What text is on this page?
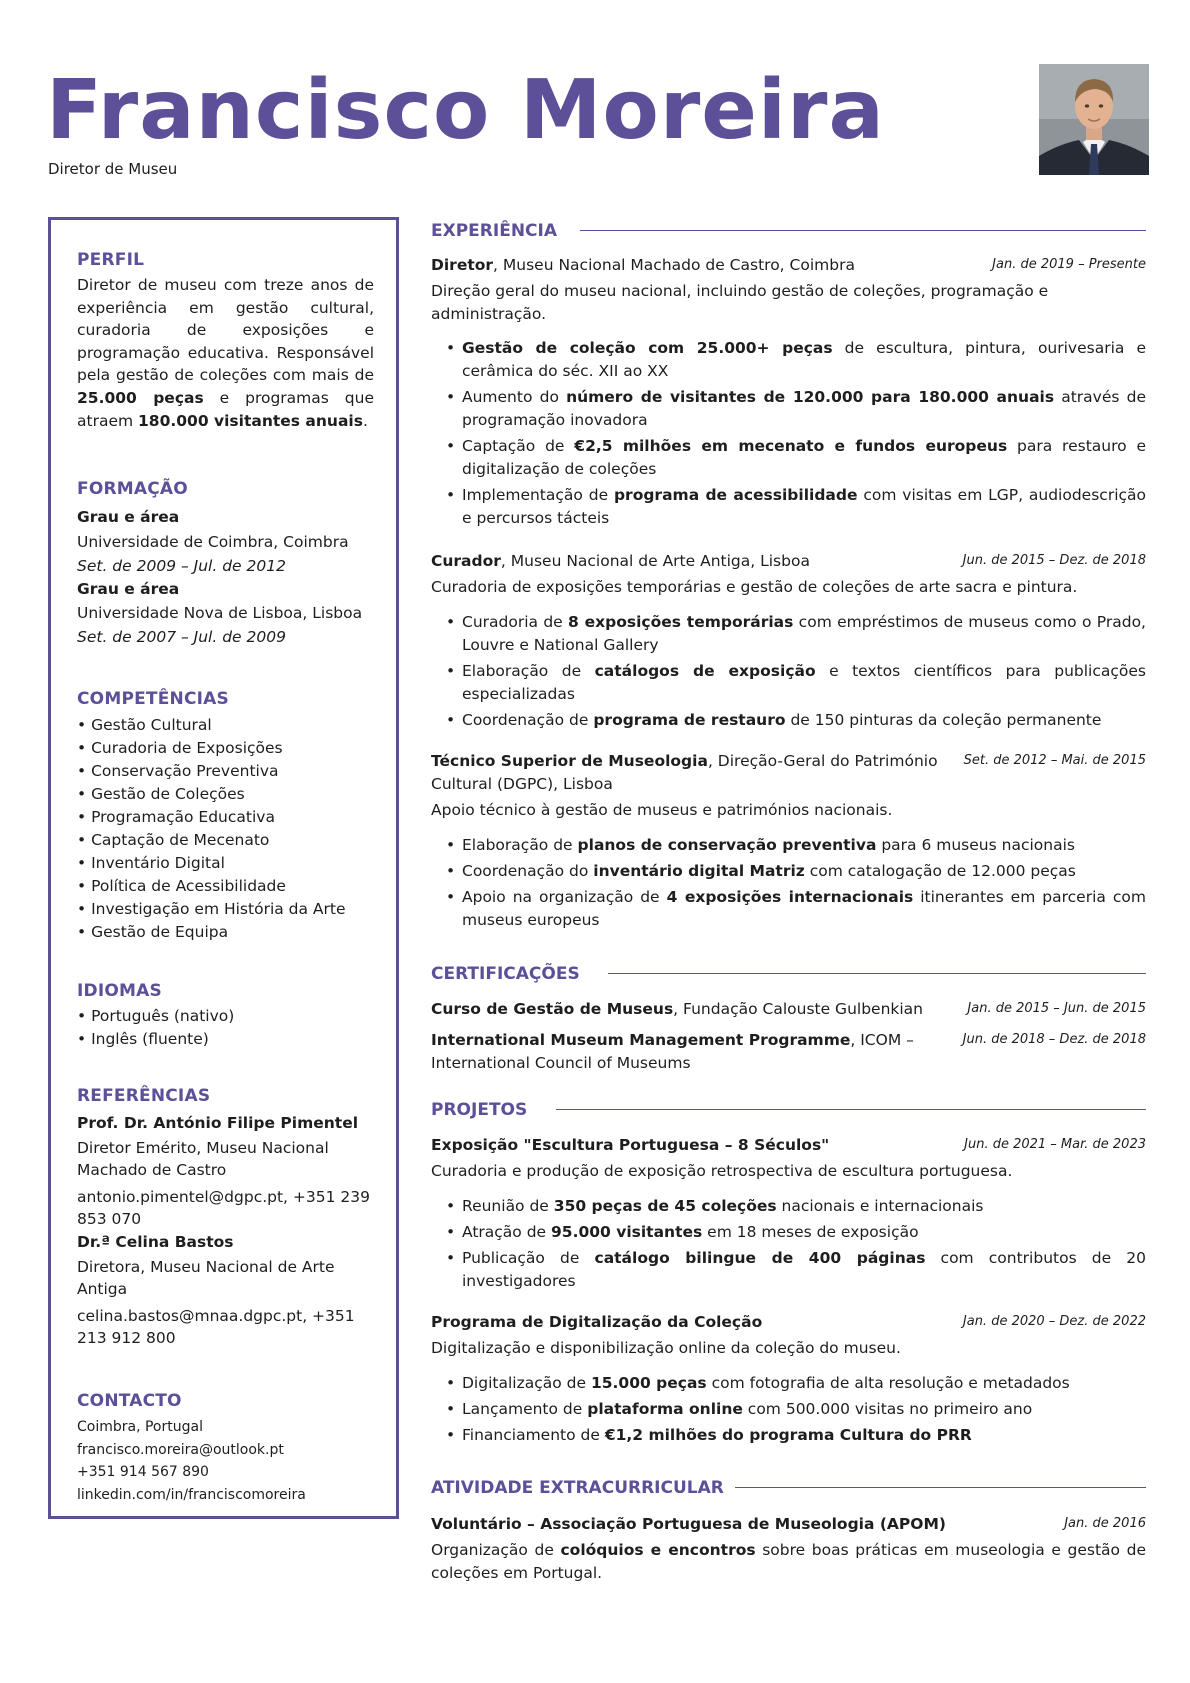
Francisco Moreira
Diretor de Museu
PERFIL
Diretor de museu com treze anos de experiência em gestão cultural, curadoria de exposições e programação educativa. Responsável pela gestão de coleções com mais de 25.000 peças e programas que atraem 180.000 visitantes anuais.
FORMAÇÃO
Grau e área
Universidade de Coimbra, Coimbra
Set. de 2009 – Jul. de 2012
Grau e área
Universidade Nova de Lisboa, Lisboa
Set. de 2007 – Jul. de 2009
COMPETÊNCIAS
• Gestão Cultural
• Curadoria de Exposições
• Conservação Preventiva
• Gestão de Coleções
• Programação Educativa
• Captação de Mecenato
• Inventário Digital
• Política de Acessibilidade
• Investigação em História da Arte
• Gestão de Equipa
IDIOMAS
• Português (nativo)
• Inglês (fluente)
REFERÊNCIAS
Prof. Dr. António Filipe Pimentel
Diretor Emérito, Museu Nacional Machado de Castro
antonio.pimentel@dgpc.pt, +351 239 853 070
Dr.ª Celina Bastos
Diretora, Museu Nacional de Arte Antiga
celina.bastos@mnaa.dgpc.pt, +351 213 912 800
CONTACTO
Coimbra, Portugal
francisco.moreira@outlook.pt
+351 914 567 890
linkedin.com/in/franciscomoreira
EXPERIÊNCIA
Diretor, Museu Nacional Machado de Castro, Coimbra	Jan. de 2019 – Presente
Direção geral do museu nacional, incluindo gestão de coleções, programação e administração.
• Gestão de coleção com 25.000+ peças de escultura, pintura, ourivesaria e cerâmica do séc. XII ao XX
• Aumento do número de visitantes de 120.000 para 180.000 anuais através de programação inovadora
• Captação de €2,5 milhões em mecenato e fundos europeus para restauro e digitalização de coleções
• Implementação de programa de acessibilidade com visitas em LGP, audiodescrição e percursos tácteis
Curador, Museu Nacional de Arte Antiga, Lisboa	Jun. de 2015 – Dez. de 2018
Curadoria de exposições temporárias e gestão de coleções de arte sacra e pintura.
• Curadoria de 8 exposições temporárias com empréstimos de museus como o Prado, Louvre e National Gallery
• Elaboração de catálogos de exposição e textos científicos para publicações especializadas
• Coordenação de programa de restauro de 150 pinturas da coleção permanente
Técnico Superior de Museologia, Direção-Geral do Património Cultural (DGPC), Lisboa
Set. de 2012 – Mai. de 2015
Apoio técnico à gestão de museus e patrimónios nacionais.
• Elaboração de planos de conservação preventiva para 6 museus nacionais
• Coordenação do inventário digital Matriz com catalogação de 12.000 peças
• Apoio na organização de 4 exposições internacionais itinerantes em parceria com museus europeus
CERTIFICAÇÕES
Curso de Gestão de Museus, Fundação Calouste Gulbenkian	Jan. de 2015 – Jun. de 2015
International Museum Management Programme, ICOM – International Council of Museums
Jun. de 2018 – Dez. de 2018
PROJETOS
Exposição "Escultura Portuguesa – 8 Séculos"	Jun. de 2021 – Mar. de 2023
Curadoria e produção de exposição retrospectiva de escultura portuguesa.
• Reunião de 350 peças de 45 coleções nacionais e internacionais
• Atração de 95.000 visitantes em 18 meses de exposição
• Publicação de catálogo bilingue de 400 páginas com contributos de 20 investigadores
Programa de Digitalização da Coleção	Jan. de 2020 – Dez. de 2022
Digitalização e disponibilização online da coleção do museu.
• Digitalização de 15.000 peças com fotografia de alta resolução e metadados
• Lançamento de plataforma online com 500.000 visitas no primeiro ano
• Financiamento de €1,2 milhões do programa Cultura do PRR
ATIVIDADE EXTRACURRICULAR
Voluntário – Associação Portuguesa de Museologia (APOM)	Jan. de 2016
Organização de colóquios e encontros sobre boas práticas em museologia e gestão de coleções em Portugal.
